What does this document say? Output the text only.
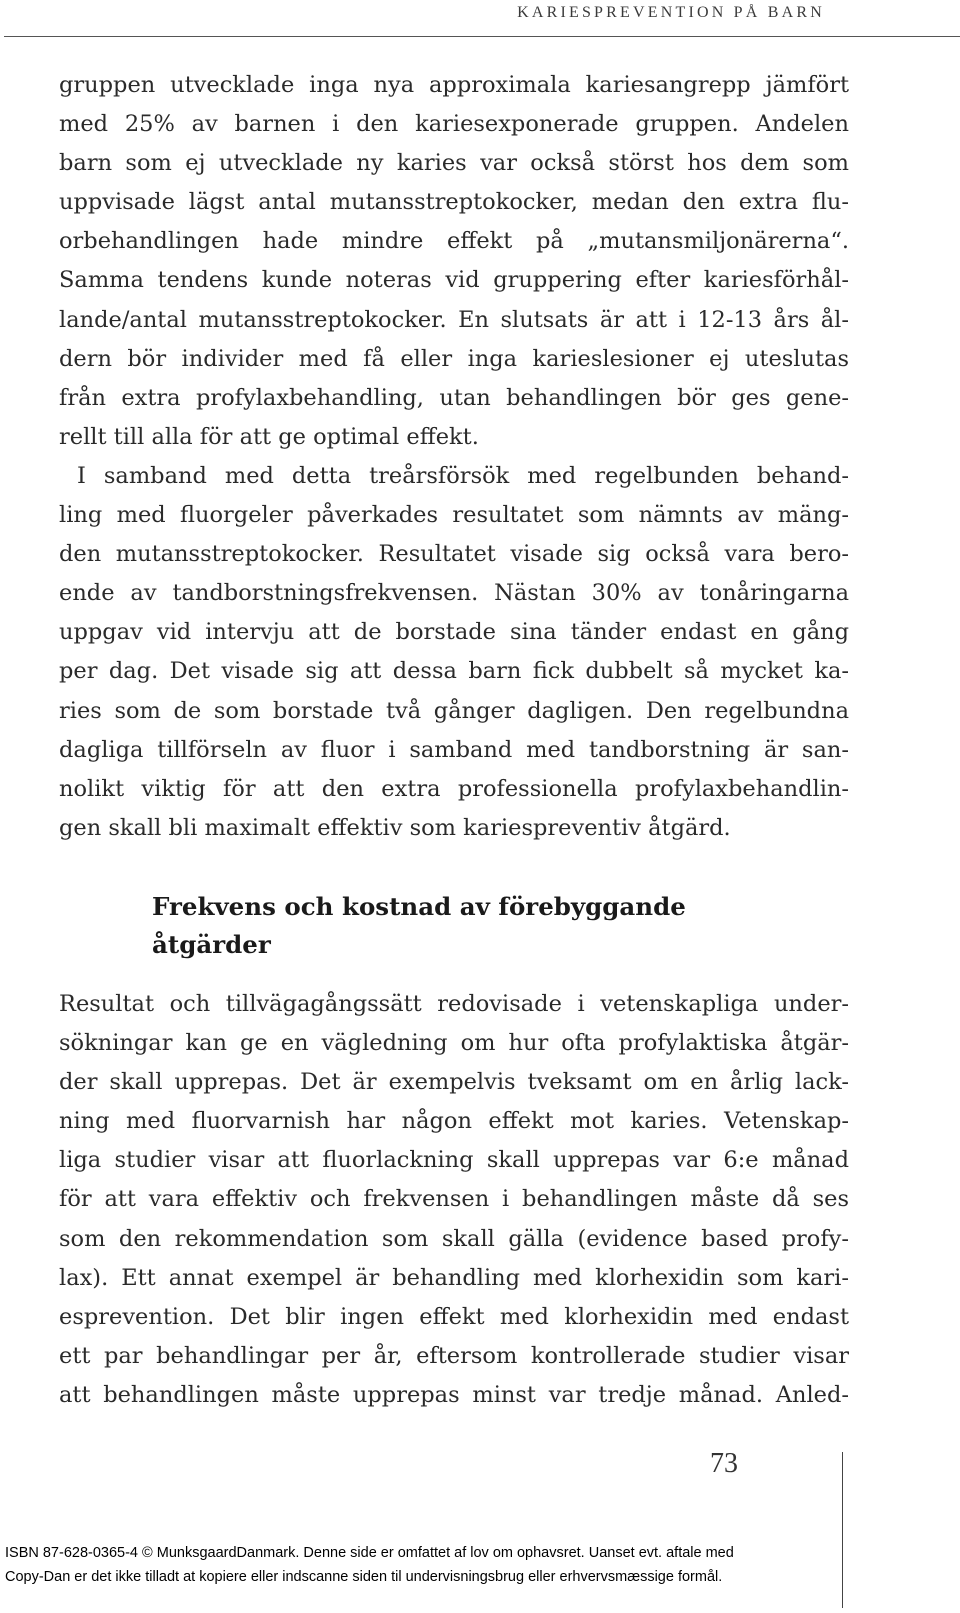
KARIESPREVENTION PÅ BARN
gruppen utvecklade inga nya approximala kariesangrepp jämfört
med 25% av barnen i den kariesexponerade gruppen. Andelen
barn som ej utvecklade ny karies var också störst hos dem som
uppvisade lägst antal mutansstreptokocker, medan den extra flu-
orbehandlingen hade mindre effekt på „mutansmiljonärerna“.
Samma tendens kunde noteras vid gruppering efter kariesförhål-
lande/antal mutansstreptokocker. En slutsats är att i 12-13 års ål-
dern bör individer med få eller inga karieslesioner ej uteslutas
från extra profylaxbehandling, utan behandlingen bör ges gene-
rellt till alla för att ge optimal effekt.
I samband med detta treårsförsök med regelbunden behand-
ling med fluorgeler påverkades resultatet som nämnts av mäng-
den mutansstreptokocker. Resultatet visade sig också vara bero-
ende av tandborstningsfrekvensen. Nästan 30% av tonåringarna
uppgav vid intervju att de borstade sina tänder endast en gång
per dag. Det visade sig att dessa barn fick dubbelt så mycket ka-
ries som de som borstade två gånger dagligen. Den regelbundna
dagliga tillförseln av fluor i samband med tandborstning är san-
nolikt viktig för att den extra professionella profylaxbehandlin-
gen skall bli maximalt effektiv som kariespreventiv åtgärd.
Frekvens och kostnad av förebyggande
åtgärder
Resultat och tillvägagångssätt redovisade i vetenskapliga under-
sökningar kan ge en vägledning om hur ofta profylaktiska åtgär-
der skall upprepas. Det är exempelvis tveksamt om en årlig lack-
ning med fluorvarnish har någon effekt mot karies. Vetenskap-
liga studier visar att fluorlackning skall upprepas var 6:e månad
för att vara effektiv och frekvensen i behandlingen måste då ses
som den rekommendation som skall gälla (evidence based profy-
lax). Ett annat exempel är behandling med klorhexidin som kari-
esprevention. Det blir ingen effekt med klorhexidin med endast
ett par behandlingar per år, eftersom kontrollerade studier visar
att behandlingen måste upprepas minst var tredje månad. Anled-
73
ISBN 87-628-0365-4 © MunksgaardDanmark. Denne side er omfattet af lov om ophavsret. Uanset evt. aftale med
Copy-Dan er det ikke tilladt at kopiere eller indscanne siden til undervisningsbrug eller erhvervsmæssige formål.
